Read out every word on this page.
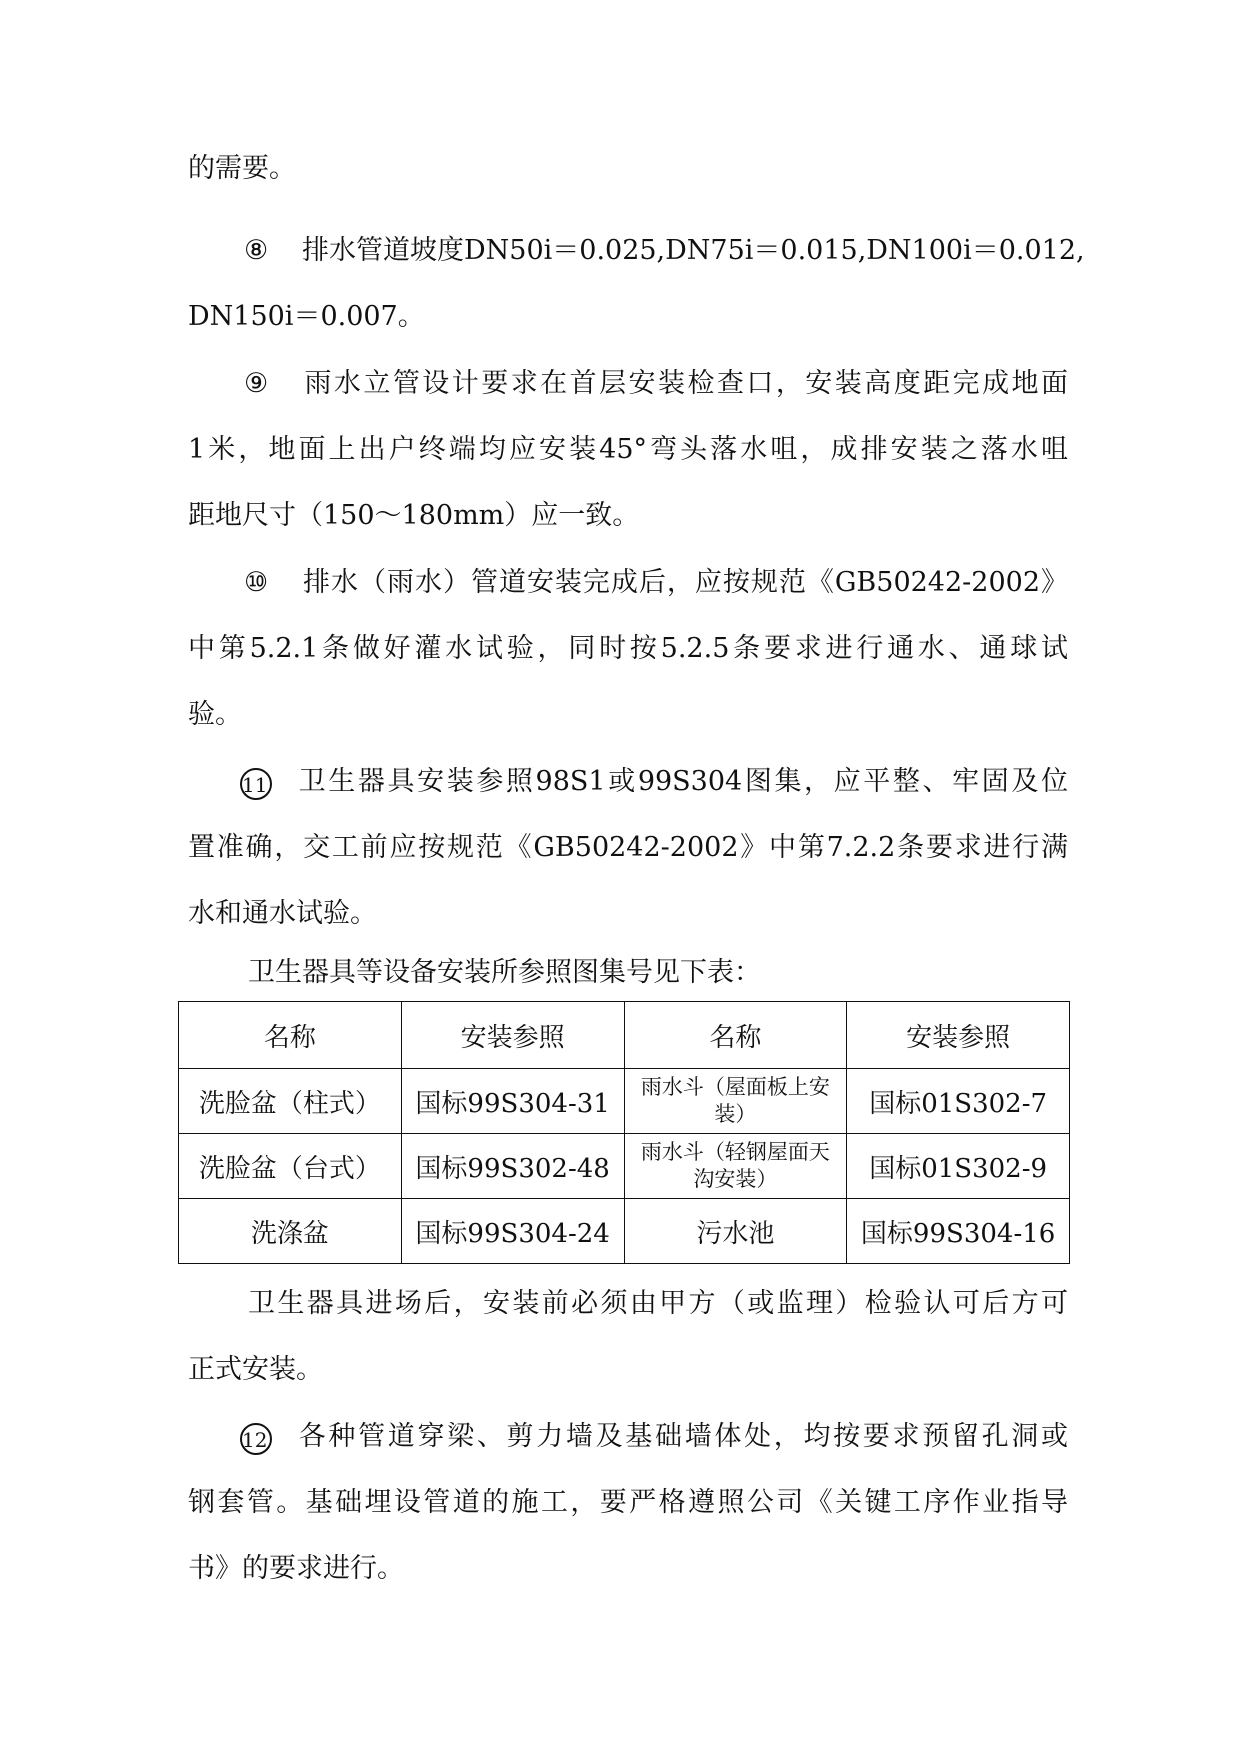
的需要。
⑧ 排水管道坡度DN50i＝0.025,DN75i＝0.015,DN100i＝0.012,
DN150i＝0.007。
⑨ 雨水立管设计要求在首层安装检查口，安装高度距完成地面
1米，地面上出户终端均应安装45°弯头落水咀，成排安装之落水咀
距地尺寸（150～180mm）应一致。
⑩ 排水（雨水）管道安装完成后，应按规范《GB50242-2002》
中第5.2.1条做好灌水试验，同时按5.2.5条要求进行通水、通球试
验。
11 卫生器具安装参照98S1或99S304图集，应平整、牢固及位
置准确，交工前应按规范《GB50242-2002》中第7.2.2条要求进行满
水和通水试验。
卫生器具等设备安装所参照图集号见下表：
名称	安装参照	名称	安装参照
洗脸盆（柱式）	国标99S304-31	雨水斗（屋面板上安装）	国标01S302-7
洗脸盆（台式）	国标99S302-48	雨水斗（轻钢屋面天沟安装）	国标01S302-9
洗涤盆	国标99S304-24	污水池	国标99S304-16
卫生器具进场后，安装前必须由甲方（或监理）检验认可后方可
正式安装。
12 各种管道穿梁、剪力墙及基础墙体处，均按要求预留孔洞或
钢套管。基础埋设管道的施工，要严格遵照公司《关键工序作业指导
书》的要求进行。
